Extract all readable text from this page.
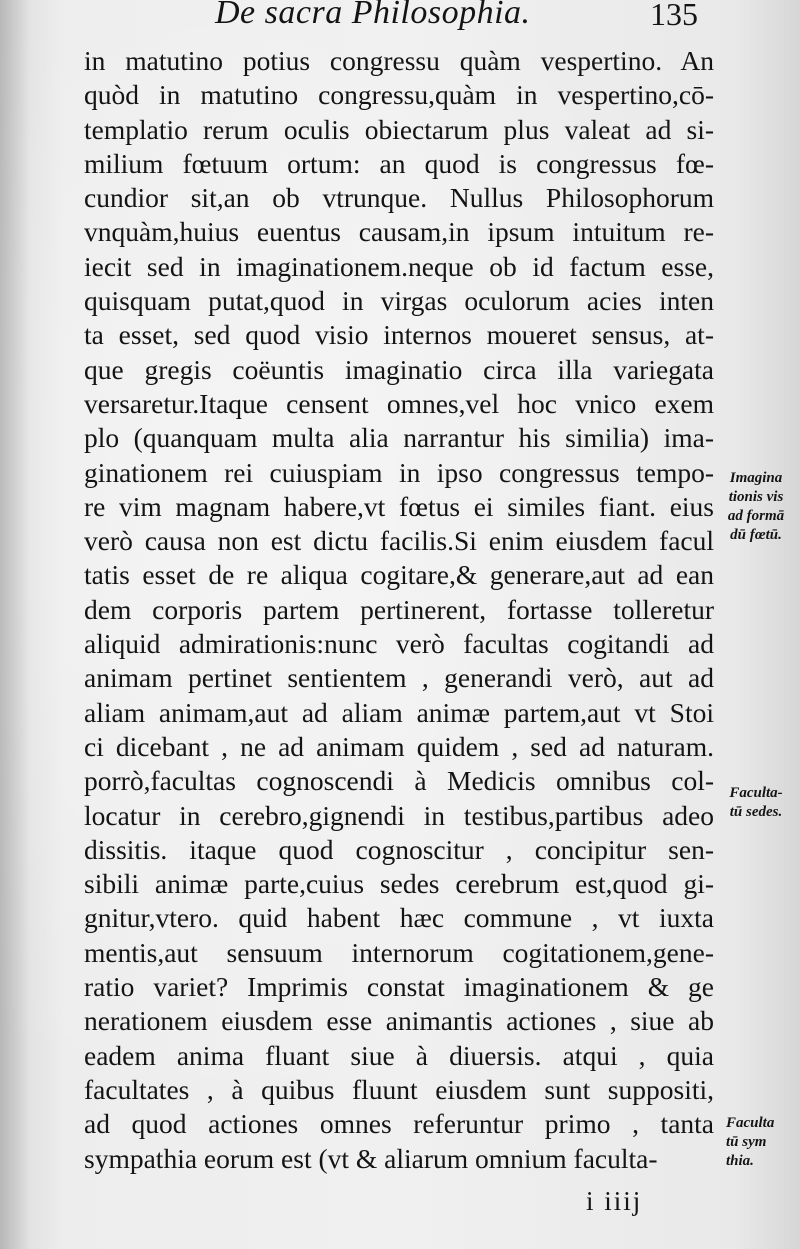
De sacra Philosophia.	135
in matutino potius congressu quàm vespertino. An
quòd in matutino congressu,quàm in vespertino,cō-
templatio rerum oculis obiectarum plus valeat ad si-
milium fœtuum ortum: an quod is congressus fœ-
cundior sit,an ob vtrunque. Nullus Philosophorum
vnquàm,huius euentus causam,in ipsum intuitum re-
iecit sed in imaginationem.neque ob id factum esse,
quisquam putat,quod in virgas oculorum acies inten
ta esset, sed quod visio internos moueret sensus, at-
que gregis coëuntis imaginatio circa illa variegata
versaretur.Itaque censent omnes,vel hoc vnico exem
plo (quanquam multa alia narrantur his similia) ima-
ginationem rei cuiuspiam in ipso congressus tempo-
re vim magnam habere,vt fœtus ei similes fiant. eius
verò causa non est dictu facilis.Si enim eiusdem facul
tatis esset de re aliqua cogitare,& generare,aut ad ean
dem corporis partem pertinerent, fortasse tolleretur
aliquid admirationis:nunc verò facultas cogitandi ad
animam pertinet sentientem , generandi verò, aut ad
aliam animam,aut ad aliam animæ partem,aut vt Stoi
ci dicebant , ne ad animam quidem , sed ad naturam.
porrò,facultas cognoscendi à Medicis omnibus col-
locatur in cerebro,gignendi in testibus,partibus adeo
dissitis. itaque quod cognoscitur , concipitur sen-
sibili animæ parte,cuius sedes cerebrum est,quod gi-
gnitur,vtero. quid habent hæc commune , vt iuxta
mentis,aut sensuum internorum cogitationem,gene-
ratio variet? Imprimis constat imaginationem & ge
nerationem eiusdem esse animantis actiones , siue ab
eadem anima fluant siue à diuersis. atqui , quia
facultates , à quibus fluunt eiusdem sunt suppositi,
ad quod actiones omnes referuntur primo , tanta
sympathia eorum est (vt & aliarum omnium faculta-
Imagina
tionis vis
ad formā
dū fœtū.
Faculta-
tū sedes.
Faculta
tū sym
thia.
i iiij
